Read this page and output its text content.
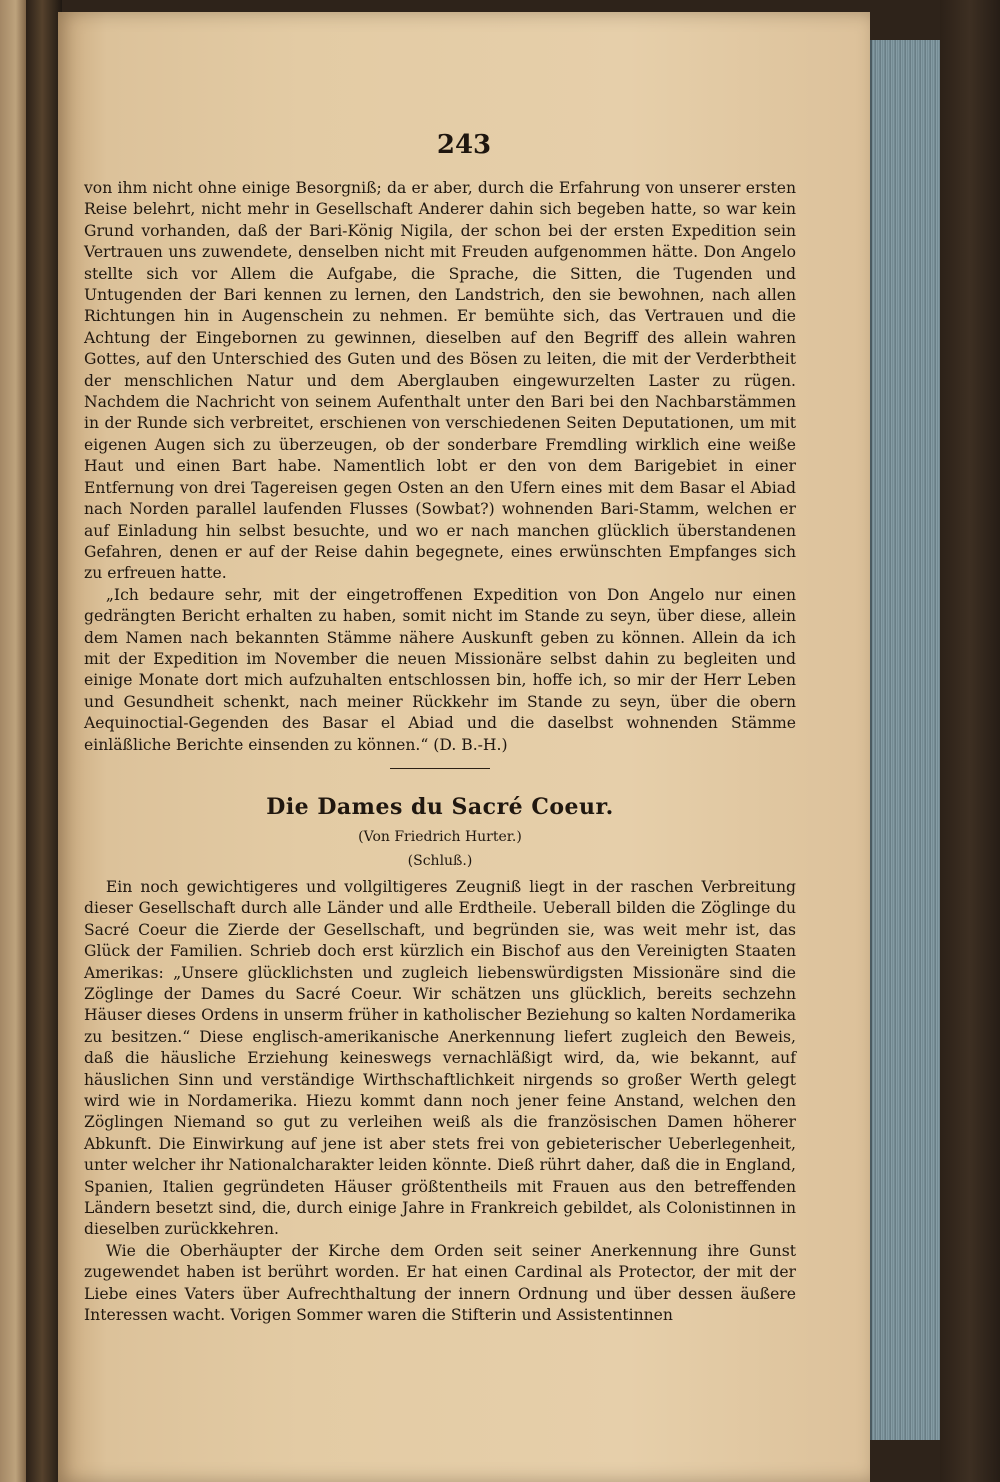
243

von ihm nicht ohne einige Besorgniß; da er aber, durch die Erfahrung von unserer ersten Reise belehrt, nicht mehr in Gesellschaft Anderer dahin sich begeben hatte, so war kein Grund vorhanden, daß der Bari-König Nigila, der schon bei der ersten Expedition sein Vertrauen uns zuwendete, denselben nicht mit Freuden aufgenommen hätte. Don Angelo stellte sich vor Allem die Aufgabe, die Sprache, die Sitten, die Tugenden und Untugenden der Bari kennen zu lernen, den Landstrich, den sie bewohnen, nach allen Richtungen hin in Augenschein zu nehmen. Er bemühte sich, das Vertrauen und die Achtung der Eingebornen zu gewinnen, dieselben auf den Begriff des allein wahren Gottes, auf den Unterschied des Guten und des Bösen zu leiten, die mit der Verderbtheit der menschlichen Natur und dem Aberglauben eingewurzelten Laster zu rügen. Nachdem die Nachricht von seinem Aufenthalt unter den Bari bei den Nachbarstämmen in der Runde sich verbreitet, erschienen von verschiedenen Seiten Deputationen, um mit eigenen Augen sich zu überzeugen, ob der sonderbare Fremdling wirklich eine weiße Haut und einen Bart habe. Namentlich lobt er den von dem Barigebiet in einer Entfernung von drei Tagereisen gegen Osten an den Ufern eines mit dem Basar el Abiad nach Norden parallel laufenden Flusses (Sowbat?) wohnenden Bari-Stamm, welchen er auf Einladung hin selbst besuchte, und wo er nach manchen glücklich überstandenen Gefahren, denen er auf der Reise dahin begegnete, eines erwünschten Empfanges sich zu erfreuen hatte.

„Ich bedaure sehr, mit der eingetroffenen Expedition von Don Angelo nur einen gedrängten Bericht erhalten zu haben, somit nicht im Stande zu seyn, über diese, allein dem Namen nach bekannten Stämme nähere Auskunft geben zu können. Allein da ich mit der Expedition im November die neuen Missionäre selbst dahin zu begleiten und einige Monate dort mich aufzuhalten entschlossen bin, hoffe ich, so mir der Herr Leben und Gesundheit schenkt, nach meiner Rückkehr im Stande zu seyn, über die obern Aequinoctial-Gegenden des Basar el Abiad und die daselbst wohnenden Stämme einläßliche Berichte einsenden zu können.“ (D. B.-H.)

Die Dames du Sacré Coeur.
(Von Friedrich Hurter.)
(Schluß.)

Ein noch gewichtigeres und vollgiltigeres Zeugniß liegt in der raschen Verbreitung dieser Gesellschaft durch alle Länder und alle Erdtheile. Ueberall bilden die Zöglinge du Sacré Coeur die Zierde der Gesellschaft, und begründen sie, was weit mehr ist, das Glück der Familien. Schrieb doch erst kürzlich ein Bischof aus den Vereinigten Staaten Amerikas: „Unsere glücklichsten und zugleich liebenswürdigsten Missionäre sind die Zöglinge der Dames du Sacré Coeur. Wir schätzen uns glücklich, bereits sechzehn Häuser dieses Ordens in unserm früher in katholischer Beziehung so kalten Nordamerika zu besitzen.“ Diese englisch-amerikanische Anerkennung liefert zugleich den Beweis, daß die häusliche Erziehung keineswegs vernachläßigt wird, da, wie bekannt, auf häuslichen Sinn und verständige Wirthschaftlichkeit nirgends so großer Werth gelegt wird wie in Nordamerika. Hiezu kommt dann noch jener feine Anstand, welchen den Zöglingen Niemand so gut zu verleihen weiß als die französischen Damen höherer Abkunft. Die Einwirkung auf jene ist aber stets frei von gebieterischer Ueberlegenheit, unter welcher ihr Nationalcharakter leiden könnte. Dieß rührt daher, daß die in England, Spanien, Italien gegründeten Häuser größtentheils mit Frauen aus den betreffenden Ländern besetzt sind, die, durch einige Jahre in Frankreich gebildet, als Colonistinnen in dieselben zurückkehren.

Wie die Oberhäupter der Kirche dem Orden seit seiner Anerkennung ihre Gunst zugewendet haben ist berührt worden. Er hat einen Cardinal als Protector, der mit der Liebe eines Vaters über Aufrechthaltung der innern Ordnung und über dessen äußere Interessen wacht. Vorigen Sommer waren die Stifterin und Assistentinnen
